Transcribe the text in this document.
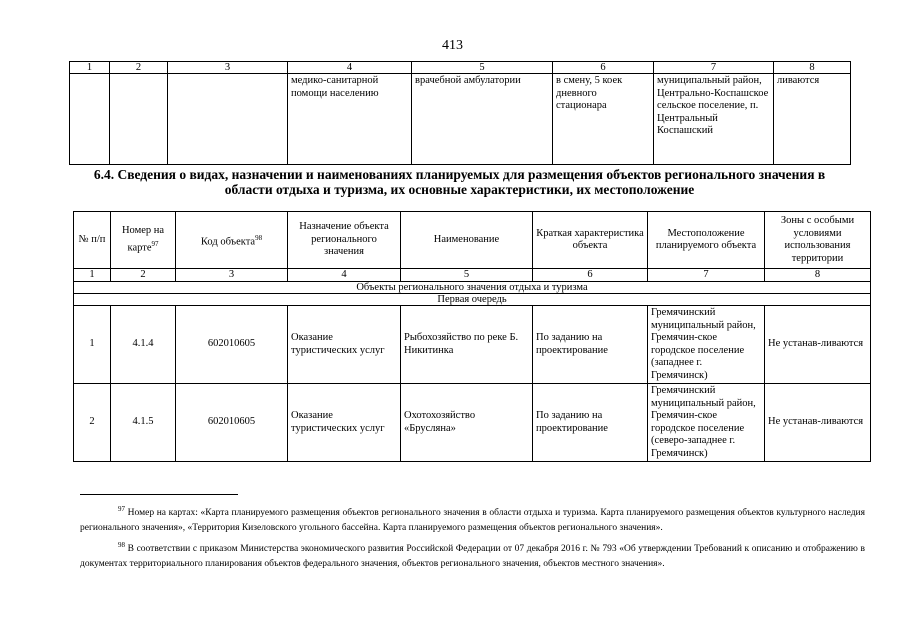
413
1	2	3	4	5	6	7	8
			медико-санитарной помощи населению	врачебной амбулатории	в смену, 5 коек дневного стационара	муниципальный район, Центрально-Коспашское сельское поселение, п. Центральный Коспашский	ливаются
6.4. Сведения о видах, назначении и наименованиях планируемых для размещения объектов регионального значения в области отдыха и туризма, их основные характеристики, их местоположение
№ п/п	Номер на карте$^{97}$	Код объекта$^{98}$	Назначение объекта регионального значения	Наименование	Краткая характеристика объекта	Местоположение планируемого объекта	Зоны с особыми условиями использования территории
1	2	3	4	5	6	7	8
Объекты регионального значения отдыха и туризма							
Первая очередь							
1	4.1.4	602010605	Оказание туристических услуг	Рыбохозяйство по реке Б. Никитинка	По заданию на проектирование	Гремячинский муниципальный район, Гремячин-ское городское поселение (западнее г. Гремячинск)	Не устанав-ливаются
2	4.1.5	602010605	Оказание туристических услуг	Охотохозяйство «Брусляна»	По заданию на проектирование	Гремячинский муниципальный район, Гремячин-ское городское поселение (северо-западнее г. Гремячинск)	Не устанав-ливаются

$^{97}$ Номер на картах: «Карта планируемого размещения объектов регионального значения в области отдыха и туризма. Карта планируемого размещения объектов культурного наследия регионального значения», «Территория Кизеловского угольного бассейна. Карта планируемого размещения объектов регионального значения».

$^{98}$ В соответствии с приказом Министерства экономического развития Российской Федерации от 07 декабря 2016 г. № 793 «Об утверждении Требований к описанию и отображению в документах территориального планирования объектов федерального значения, объектов регионального значения, объектов местного значения».
